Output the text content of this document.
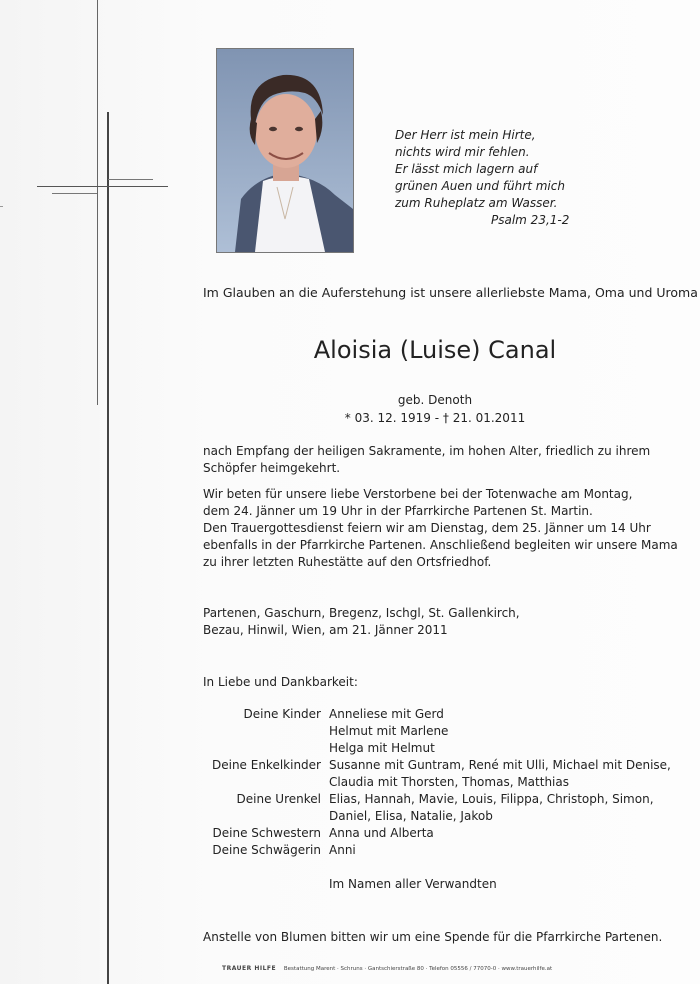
Der Herr ist mein Hirte,
nichts wird mir fehlen.
Er lässt mich lagern auf
grünen Auen und führt mich
zum Ruheplatz am Wasser.
Psalm 23,1-2
Im Glauben an die Auferstehung ist unsere allerliebste Mama, Oma und Uroma
Aloisia (Luise) Canal
geb. Denoth
* 03. 12. 1919 - † 21. 01.2011
nach Empfang der heiligen Sakramente, im hohen Alter, friedlich zu ihrem
Schöpfer heimgekehrt.
Wir beten für unsere liebe Verstorbene bei der Totenwache am Montag,
dem 24. Jänner um 19 Uhr in der Pfarrkirche Partenen St. Martin.
Den Trauergottesdienst feiern wir am Dienstag, dem 25. Jänner um 14 Uhr
ebenfalls in der Pfarrkirche Partenen. Anschließend begleiten wir unsere Mama
zu ihrer letzten Ruhestätte auf den Ortsfriedhof.
Partenen, Gaschurn, Bregenz, Ischgl, St. Gallenkirch,
Bezau, Hinwil, Wien, am 21. Jänner 2011
In Liebe und Dankbarkeit:
Deine Kinder Anneliese mit Gerd
Helmut mit Marlene
Helga mit Helmut
Deine Enkelkinder Susanne mit Guntram, René mit Ulli, Michael mit Denise,
Claudia mit Thorsten, Thomas, Matthias
Deine Urenkel Elias, Hannah, Mavie, Louis, Filippa, Christoph, Simon,
Daniel, Elisa, Natalie, Jakob
Deine Schwestern Anna und Alberta
Deine Schwägerin Anni
Im Namen aller Verwandten
Anstelle von Blumen bitten wir um eine Spende für die Pfarrkirche Partenen.
TRAUER HILFE Bestattung Marent · Schruns · Gantschierstraße 80 · Telefon 05556 / 77070-0 · www.trauerhilfe.at
